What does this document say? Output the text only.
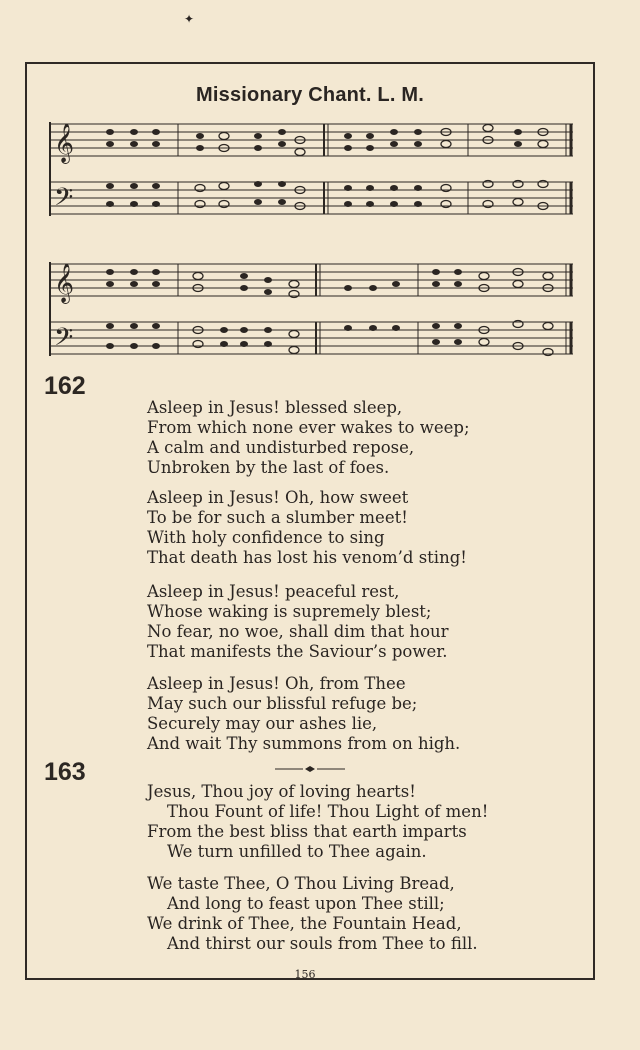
✦
Missionary Chant. L. M.
𝄞
𝄢
𝄞
𝄢
162
Asleep in Jesus! blessed sleep,
From which none ever wakes to weep;
A calm and undisturbed repose,
Unbroken by the last of foes.
Asleep in Jesus! Oh, how sweet
To be for such a slumber meet!
With holy confidence to sing
That death has lost his venom’d sting!
Asleep in Jesus! peaceful rest,
Whose waking is supremely blest;
No fear, no woe, shall dim that hour
That manifests the Saviour’s power.
Asleep in Jesus! Oh, from Thee
May such our blissful refuge be;
Securely may our ashes lie,
And wait Thy summons from on high.
163
Jesus, Thou joy of loving hearts!
Thou Fount of life! Thou Light of men!
From the best bliss that earth imparts
We turn unfilled to Thee again.
We taste Thee, O Thou Living Bread,
And long to feast upon Thee still;
We drink of Thee, the Fountain Head,
And thirst our souls from Thee to fill.
156
